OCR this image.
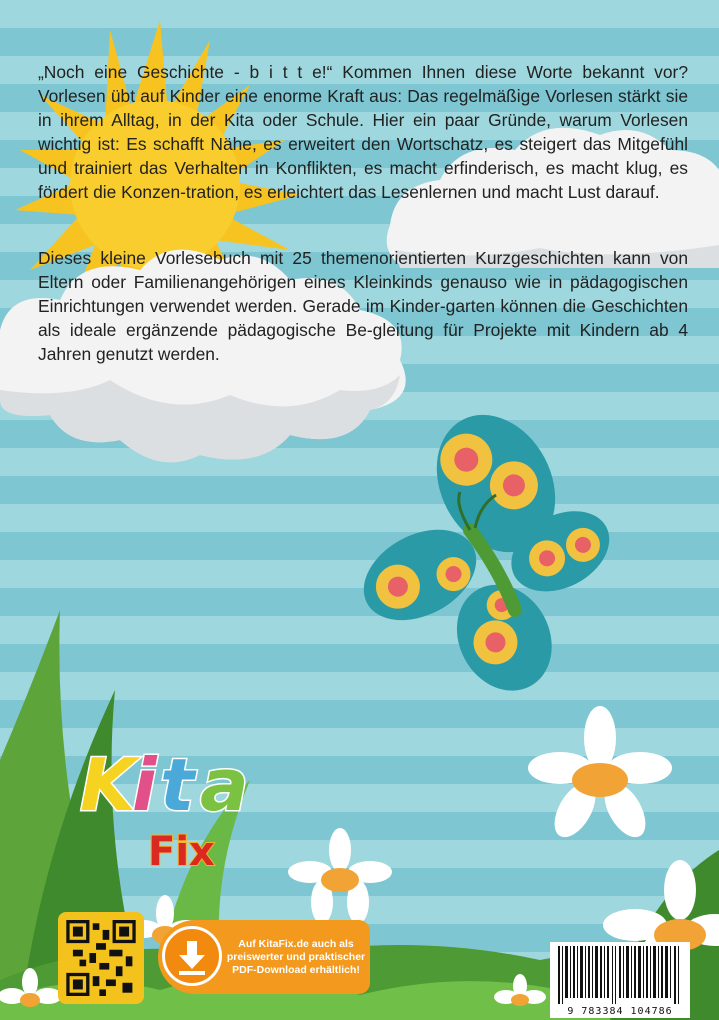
K
i t a
Fix
„Noch eine Geschichte - b i t t e!“ Kommen Ihnen diese Worte bekannt vor? Vorlesen übt auf Kinder eine enorme Kraft aus: Das regelmäßige Vorlesen stärkt sie in ihrem Alltag, in der Kita oder Schule. Hier ein paar Gründe, warum Vorlesen wichtig ist: Es schafft Nähe, es erweitert den Wortschatz, es steigert das Mitgefühl und trainiert das Verhalten in Konflikten, es macht erfinderisch, es macht klug, es fördert die Konzen-tration, es erleichtert das Lesenlernen und macht Lust darauf.
Dieses kleine Vorlesebuch mit 25 themenorientierten Kurzgeschichten kann von Eltern oder Familienangehörigen eines Kleinkinds genauso wie in pädagogischen Einrichtungen verwendet werden. Gerade im Kinder-garten können die Geschichten als ideale ergänzende pädagogische Be-gleitung für Projekte mit Kindern ab 4 Jahren genutzt werden.
Auf KitaFix.de auch als preiswerter und praktischer PDF-Download erhältlich!
9 783384 104786
